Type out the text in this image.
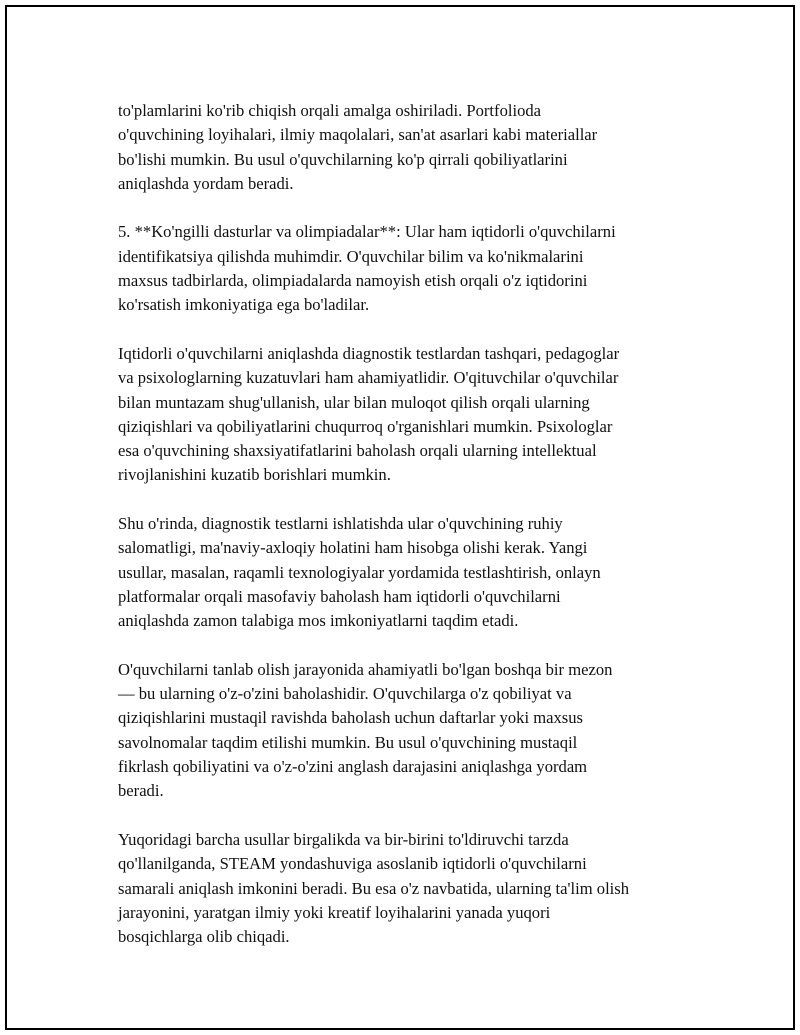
to'plamlarini ko'rib chiqish orqali amalga oshiriladi. Portfolioda
o'quvchining loyihalari, ilmiy maqolalari, san'at asarlari kabi materiallar
bo'lishi mumkin. Bu usul o'quvchilarning ko'p qirrali qobiliyatlarini
aniqlashda yordam beradi.

5. **Ko'ngilli dasturlar va olimpiadalar**: Ular ham iqtidorli o'quvchilarni
identifikatsiya qilishda muhimdir. O'quvchilar bilim va ko'nikmalarini
maxsus tadbirlarda, olimpiadalarda namoyish etish orqali o'z iqtidorini
ko'rsatish imkoniyatiga ega bo'ladilar.

Iqtidorli o'quvchilarni aniqlashda diagnostik testlardan tashqari, pedagoglar
va psixologlarning kuzatuvlari ham ahamiyatlidir. O'qituvchilar o'quvchilar
bilan muntazam shug'ullanish, ular bilan muloqot qilish orqali ularning
qiziqishlari va qobiliyatlarini chuqurroq o'rganishlari mumkin. Psixologlar
esa o'quvchining shaxsiyatifatlarini baholash orqali ularning intellektual
rivojlanishini kuzatib borishlari mumkin.

Shu o'rinda, diagnostik testlarni ishlatishda ular o'quvchining ruhiy
salomatligi, ma'naviy-axloqiy holatini ham hisobga olishi kerak. Yangi
usullar, masalan, raqamli texnologiyalar yordamida testlashtirish, onlayn
platformalar orqali masofaviy baholash ham iqtidorli o'quvchilarni
aniqlashda zamon talabiga mos imkoniyatlarni taqdim etadi.

O'quvchilarni tanlab olish jarayonida ahamiyatli bo'lgan boshqa bir mezon
— bu ularning o'z-o'zini baholashidir. O'quvchilarga o'z qobiliyat va
qiziqishlarini mustaqil ravishda baholash uchun daftarlar yoki maxsus
savolnomalar taqdim etilishi mumkin. Bu usul o'quvchining mustaqil
fikrlash qobiliyatini va o'z-o'zini anglash darajasini aniqlashga yordam
beradi.

Yuqoridagi barcha usullar birgalikda va bir-birini to'ldiruvchi tarzda
qo'llanilganda, STEAM yondashuviga asoslanib iqtidorli o'quvchilarni
samarali aniqlash imkonini beradi. Bu esa o'z navbatida, ularning ta'lim olish
jarayonini, yaratgan ilmiy yoki kreatif loyihalarini yanada yuqori
bosqichlarga olib chiqadi.
